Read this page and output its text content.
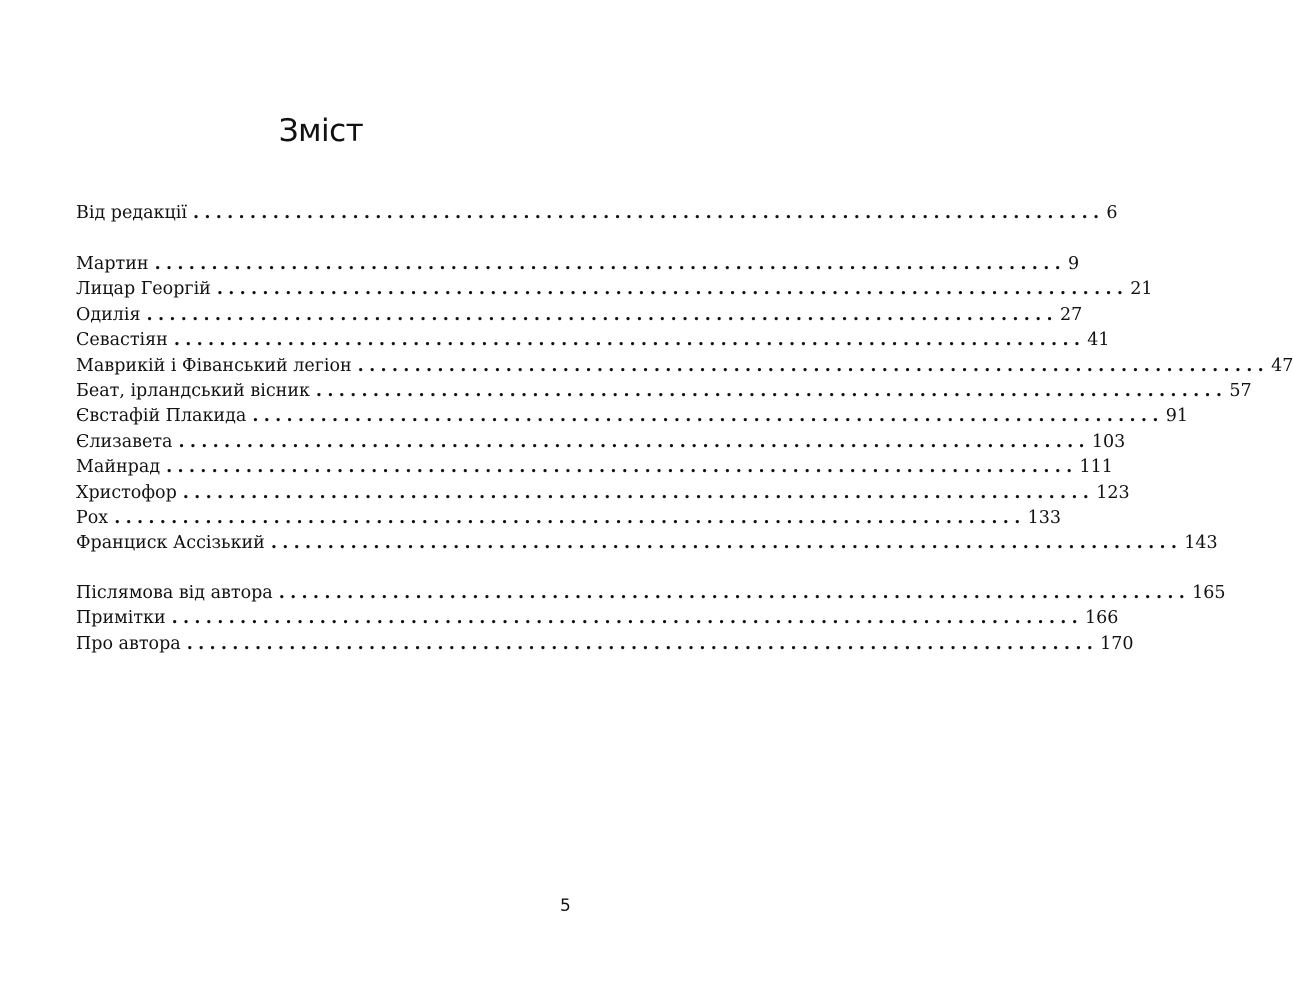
Зміст
Від редакції ................................................................................ 6
Мартин ................................................................................ 9
Лицар Георгій ................................................................................ 21
Одилія ................................................................................ 27
Севастіян ................................................................................ 41
Маврикій і Фіванський легіон ................................................................................ 47
Беат, ірландський вісник ................................................................................ 57
Євстафій Плакида ................................................................................ 91
Єлизавета ................................................................................ 103
Майнрад ................................................................................ 111
Христофор ................................................................................ 123
Рох ................................................................................ 133
Франциск Ассізький ................................................................................ 143
Післямова від автора ................................................................................ 165
Примітки ................................................................................ 166
Про автора ................................................................................ 170
5
